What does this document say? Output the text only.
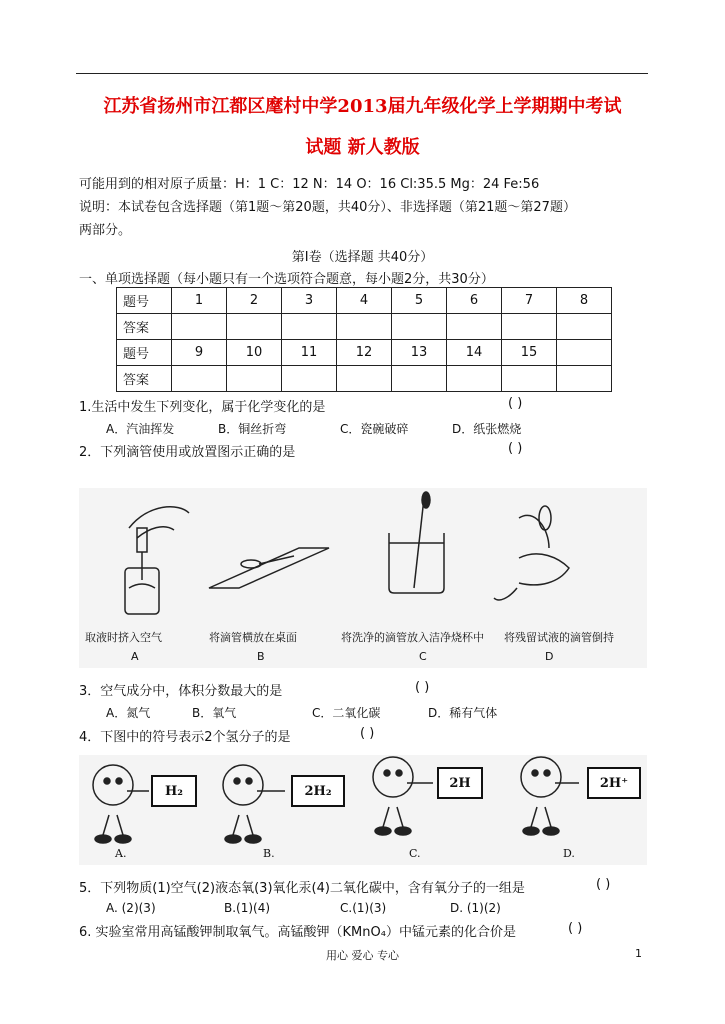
江苏省扬州市江都区麾村中学2013届九年级化学上学期期中考试
试题 新人教版
可能用到的相对原子质量：H：1 C：12 N：14 O：16 Cl:35.5 Mg：24 Fe:56
说明：本试卷包含选择题（第1题～第20题，共40分）、非选择题（第21题～第27题）
两部分。
第Ⅰ卷（选择题 共40分）
一、单项选择题（每小题只有一个选项符合题意，每小题2分，共30分）
题号	1	2	3	4	5	6	7	8
答案								
题号	9	10	11	12	13	14	15	
答案								
1.生活中发生下列变化，属于化学变化的是	( )
A．汽油挥发	B．铜丝折弯	C．瓷碗破碎	D．纸张燃烧
2．下列滴管使用或放置图示正确的是	( )
取液时挤入空气	将滴管横放在桌面	将洗净的滴管放入洁净烧杯中 将残留试液的滴管倒持
A	B	C	D
3．空气成分中，体积分数最大的是	( )
A．氮气	B．氧气	C．二氧化碳	D．稀有气体
4．下图中的符号表示2个氢分子的是	( )
H₂	2H₂
2H	2H⁺
A.	B.	C.	D.
5．下列物质(1)空气(2)液态氧(3)氧化汞(4)二氧化碳中，含有氧分子的一组是	( )
A. (2)(3)	B.(1)(4)	C.(1)(3)	D. (1)(2)
6. 实验室常用高锰酸钾制取氧气。高锰酸钾（KMnO₄）中锰元素的化合价是	( )
用心 爱心 专心	1
